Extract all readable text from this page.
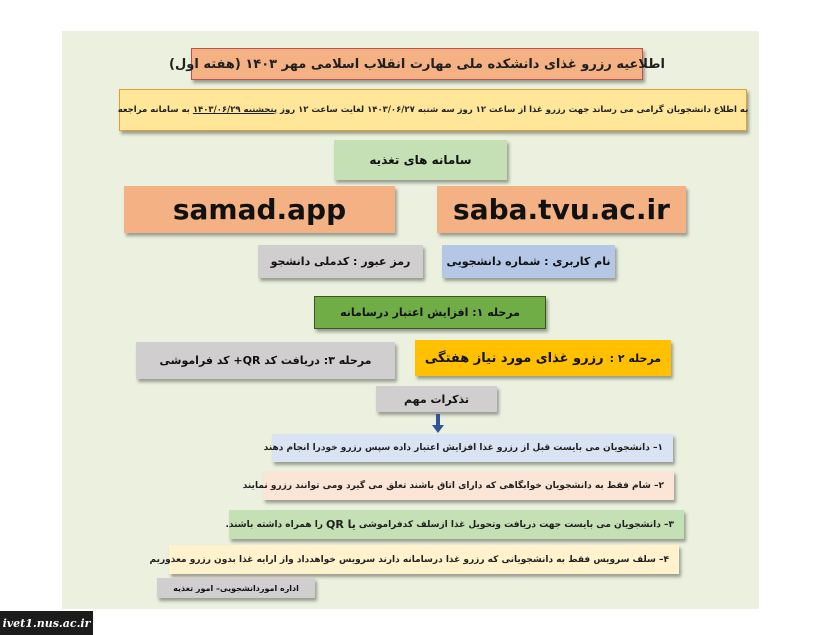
اطلاعیه رزرو غذای دانشکده ملی مهارت انقلاب اسلامی مهر ۱۴۰۳ (هفته اول)
به اطلاع دانشجویان گرامی می رساند جهت رزرو غذا از ساعت ۱۲ روز سه شنبه ۱۴۰۳/۰۶/۲۷ لغایت ساعت ۱۲ روز پنجشنبه ۱۴۰۳/۰۶/۲۹ به سامانه مراجعه
سامانه های تغذیه
samad.app	saba.tvu.ac.ir
رمز عبور : کدملی دانشجو	نام کاربری : شماره دانشجویی
مرحله ۱: افزایش اعتبار درسامانه
مرحله ۳: دریافت کد QR+ کد فراموشی	مرحله ۲ :
رزرو غذای مورد نیاز هفتگی
تذکرات مهم
۱– دانشجویان می بایست قبل از رزرو غذا افزایش اعتبار داده سپس رزرو خودرا انجام دهند
۲– شام فقط به دانشجویان خوابگاهی که دارای اتاق باشند تعلق می گیرد ومی توانند رزرو نمایند
۳– دانشجویان می بایست جهت دریافت وتحویل غذا ازسلف کدفراموشی
یا QR
را همراه داشته باشند.
۴– سلف سرویس فقط به دانشجویانی که رزرو غذا درسامانه دارند سرویس خواهدداد واز ارایه غذا بدون رزرو معذوریم
اداره اموردانشجویی– امور تغذیه
ivet1.nus.ac.ir
